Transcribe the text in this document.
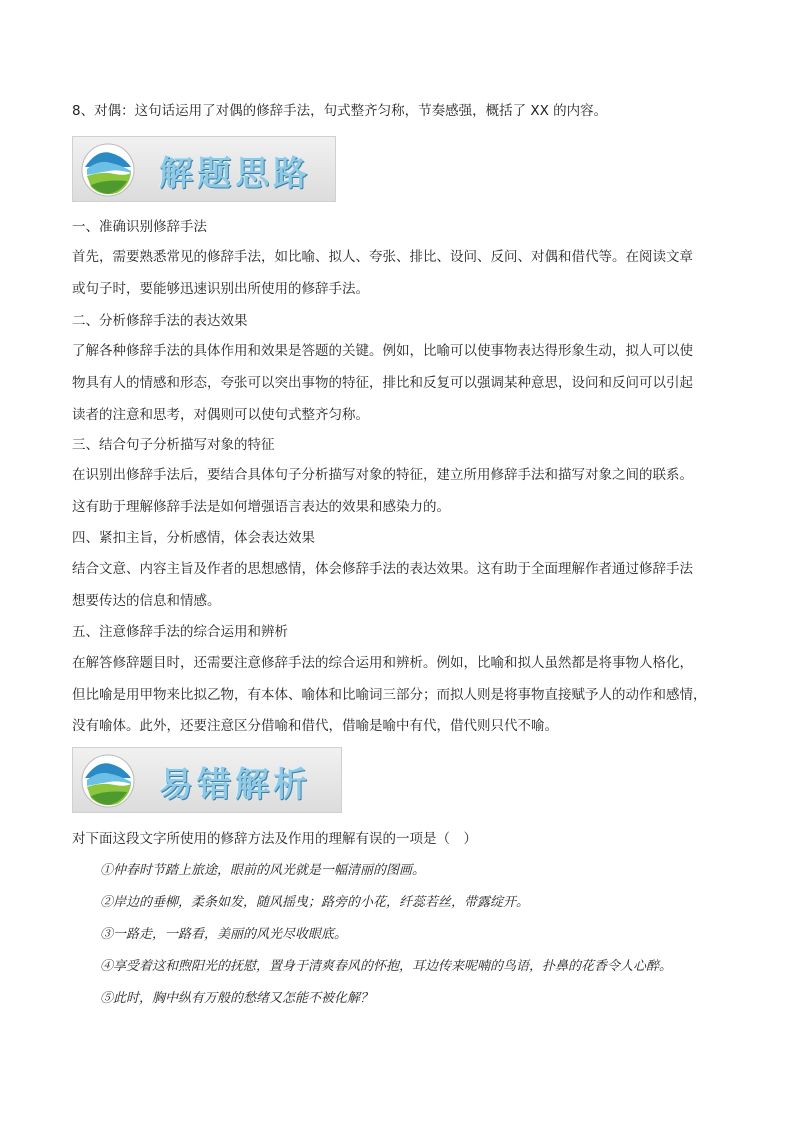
8、对偶：这句话运用了对偶的修辞手法，句式整齐匀称，节奏感强，概括了 XX 的内容。
解题思路
一、准确识别修辞手法
首先，需要熟悉常见的修辞手法，如比喻、拟人、夸张、排比、设问、反问、对偶和借代等。在阅读文章
或句子时，要能够迅速识别出所使用的修辞手法。
二、分析修辞手法的表达效果
了解各种修辞手法的具体作用和效果是答题的关键。例如，比喻可以使事物表达得形象生动，拟人可以使
物具有人的情感和形态，夸张可以突出事物的特征，排比和反复可以强调某种意思，设问和反问可以引起
读者的注意和思考，对偶则可以使句式整齐匀称。
三、结合句子分析描写对象的特征
在识别出修辞手法后，要结合具体句子分析描写对象的特征，建立所用修辞手法和描写对象之间的联系。
这有助于理解修辞手法是如何增强语言表达的效果和感染力的。
四、紧扣主旨，分析感情，体会表达效果
结合文意、内容主旨及作者的思想感情，体会修辞手法的表达效果。这有助于全面理解作者通过修辞手法
想要传达的信息和情感。
五、注意修辞手法的综合运用和辨析
在解答修辞题目时，还需要注意修辞手法的综合运用和辨析。例如，比喻和拟人虽然都是将事物人格化，
但比喻是用甲物来比拟乙物，有本体、喻体和比喻词三部分；而拟人则是将事物直接赋予人的动作和感情，
没有喻体。此外，还要注意区分借喻和借代，借喻是喻中有代，借代则只代不喻。
易错解析
对下面这段文字所使用的修辞方法及作用的理解有误的一项是（　）
①仲春时节踏上旅途，眼前的风光就是一幅清丽的图画。
②岸边的垂柳，柔条如发，随风摇曳；路旁的小花，纤蕊若丝，带露绽开。
③一路走，一路看，美丽的风光尽收眼底。
④享受着这和煦阳光的抚慰，置身于清爽春风的怀抱，耳边传来呢喃的鸟语，扑鼻的花香令人心醉。
⑤此时，胸中纵有万般的愁绪又怎能不被化解？
